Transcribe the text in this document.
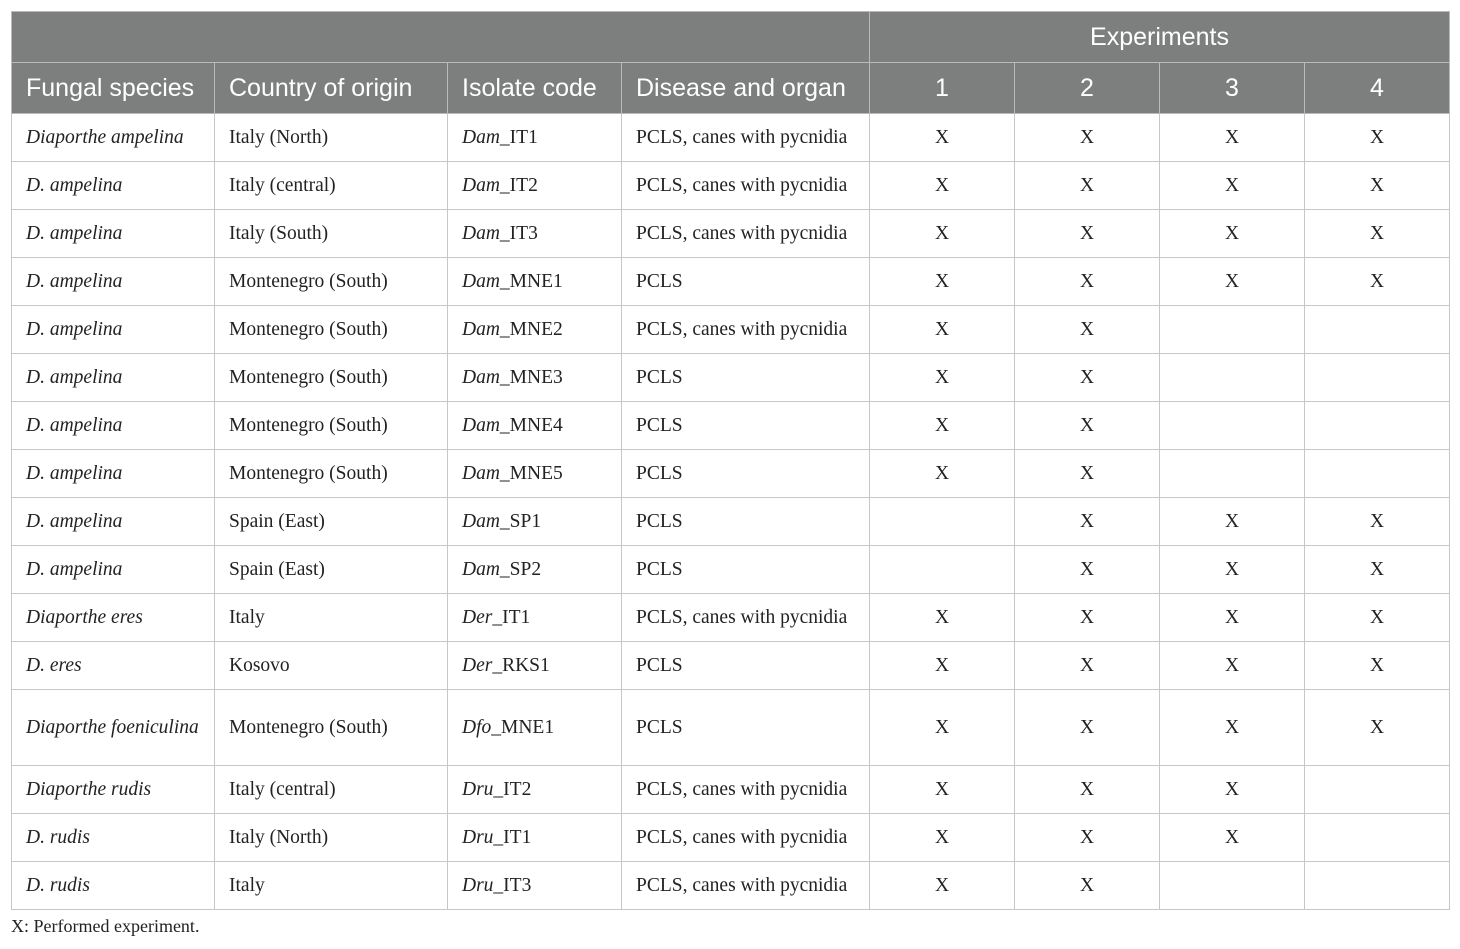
				Experiments			
Fungal species	Country of origin	Isolate code	Disease and organ	1	2	3	4
Diaporthe ampelina	Italy (North)	Dam_IT1	PCLS, canes with pycnidia	X	X	X	X
D. ampelina	Italy (central)	Dam_IT2	PCLS, canes with pycnidia	X	X	X	X
D. ampelina	Italy (South)	Dam_IT3	PCLS, canes with pycnidia	X	X	X	X
D. ampelina	Montenegro (South)	Dam_MNE1	PCLS	X	X	X	X
D. ampelina	Montenegro (South)	Dam_MNE2	PCLS, canes with pycnidia	X	X		
D. ampelina	Montenegro (South)	Dam_MNE3	PCLS	X	X		
D. ampelina	Montenegro (South)	Dam_MNE4	PCLS	X	X		
D. ampelina	Montenegro (South)	Dam_MNE5	PCLS	X	X		
D. ampelina	Spain (East)	Dam_SP1	PCLS		X	X	X
D. ampelina	Spain (East)	Dam_SP2	PCLS		X	X	X
Diaporthe eres	Italy	Der_IT1	PCLS, canes with pycnidia	X	X	X	X
D. eres	Kosovo	Der_RKS1	PCLS	X	X	X	X
Diaporthe foeniculina	Montenegro (South)	Dfo_MNE1	PCLS	X	X	X	X
Diaporthe rudis	Italy (central)	Dru_IT2	PCLS, canes with pycnidia	X	X	X	
D. rudis	Italy (North)	Dru_IT1	PCLS, canes with pycnidia	X	X	X	
D. rudis	Italy	Dru_IT3	PCLS, canes with pycnidia	X	X		
X: Performed experiment.
